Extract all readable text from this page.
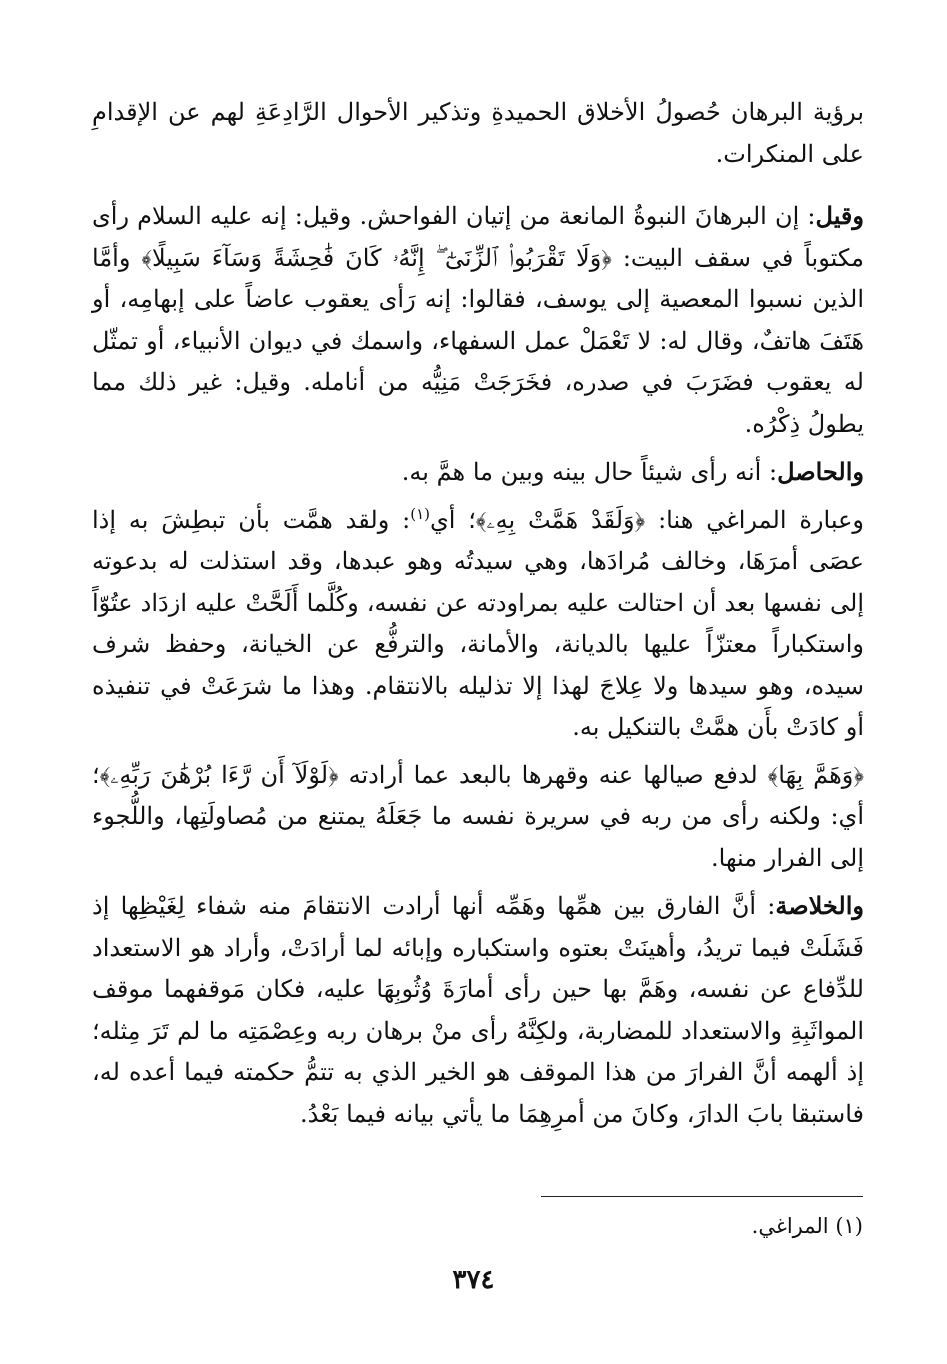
برؤية البرهان حُصولُ الأخلاق الحميدةِ وتذكير الأحوال الرَّادِعَةِ لهم عن الإقدامِ على المنكرات.

وقيل: إن البرهانَ النبوةُ المانعة من إتيان الفواحش. وقيل: إنه عليه السلام رأى مكتوباً في سقف البيت: ﴿وَلَا تَقْرَبُوا۟ ٱلزِّنَىٰٓ ۖ إِنَّهُۥ كَانَ فَٰحِشَةً وَسَآءَ سَبِيلًا﴾ وأمَّا الذين نسبوا المعصية إلى يوسف، فقالوا: إنه رَأى يعقوب عاضاً على إبهامِه، أو هَتَفَ هاتفٌ، وقال له: لا تَعْمَلْ عمل السفهاء، واسمك في ديوان الأنبياء، أو تمثّل له يعقوب فضَرَبَ في صدره، فخَرَجَتْ مَنِيُّه من أنامله. وقيل: غير ذلك مما يطولُ ذِكْرُه.

والحاصل: أنه رأى شيئاً حال بينه وبين ما همَّ به.

وعبارة المراغي هنا: ﴿وَلَقَدْ هَمَّتْ بِهِۦ﴾؛ أي$^{(١)}$: ولقد همَّت بأن تبطِشَ به إذا عصَى أمرَهَا، وخالف مُرادَها، وهي سيدتُه وهو عبدها، وقد استذلت له بدعوته إلى نفسها بعد أن احتالت عليه بمراودته عن نفسه، وكُلَّما أَلَحَّتْ عليه ازدَاد عتُوّاً واستكباراً معتزّاً عليها بالديانة، والأمانة، والترفُّع عن الخيانة، وحفظ شرف سيده، وهو سيدها ولا عِلاجَ لهذا إلا تذليله بالانتقام. وهذا ما شرَعَتْ في تنفيذه أو كادَتْ بأَن همَّتْ بالتنكيل به.

﴿وَهَمَّ بِهَا﴾ لدفع صيالها عنه وقهرها بالبعد عما أرادته ﴿لَوْلَآ أَن رَّءَا بُرْهَٰنَ رَبِّهِۦ﴾؛ أي: ولكنه رأى من ربه في سريرة نفسه ما جَعَلَهُ يمتنع من مُصاولَتِها، واللُّجوء إلى الفرار منها.

والخلاصة: أنَّ الفارق بين همِّها وهَمِّه أنها أرادت الانتقامَ منه شفاء لِغَيْظِها إذ فَشَلَتْ فيما تريدُ، وأهينَتْ بعتوه واستكباره وإبائه لما أرادَتْ، وأراد هو الاستعداد للدِّفاع عن نفسه، وهَمَّ بها حين رأى أمارَةَ وُثُوبِهَا عليه، فكان مَوقفهما موقف المواثَبِةِ والاستعداد للمضاربة، ولكِنَّهُ رأى منْ برهان ربه وعِصْمَتِه ما لم تَرَ مِثله؛ إذ ألهمه أنَّ الفرارَ من هذا الموقف هو الخير الذي به تتمُّ حكمته فيما أعده له، فاستبقا بابَ الدارَ، وكانَ من أمرِهِمَا ما يأتي بيانه فيما بَعْدُ.

(١) المراغي.
٣٧٤
